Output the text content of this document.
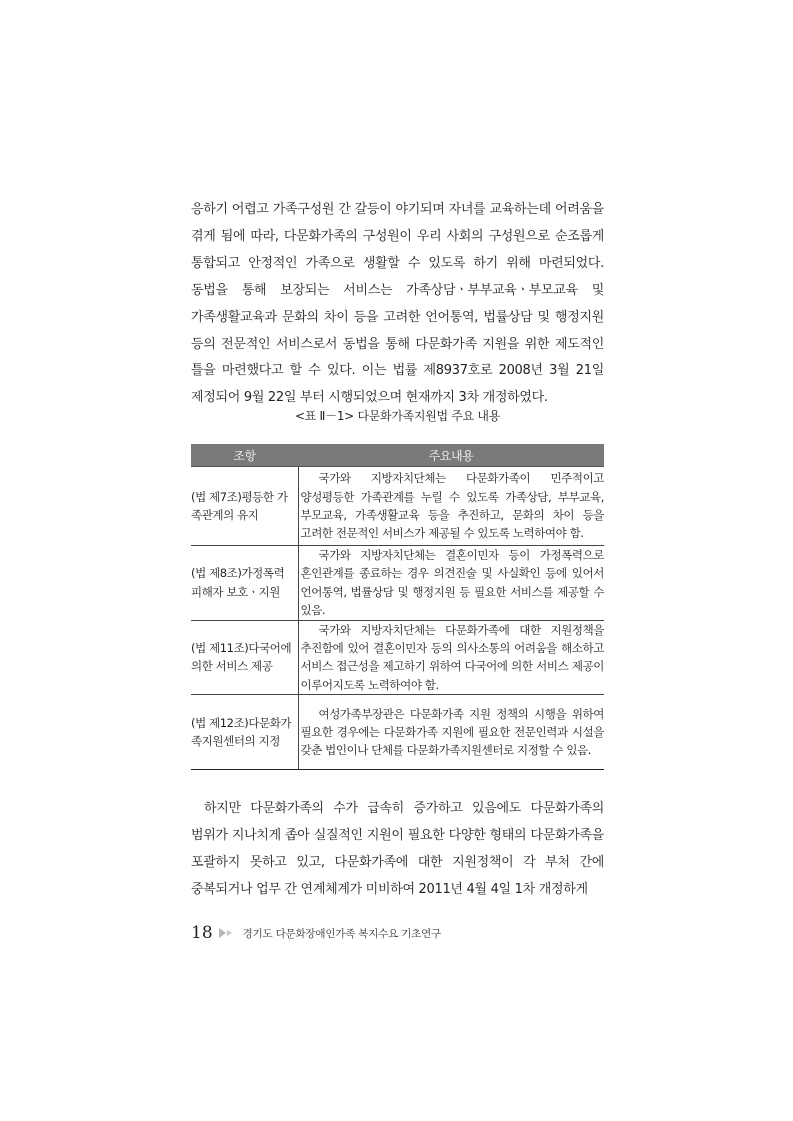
응하기 어렵고 가족구성원 간 갈등이 야기되며 자녀를 교육하는데 어려움을 겪게 됨에 따라, 다문화가족의 구성원이 우리 사회의 구성원으로 순조롭게 통합되고 안정적인 가족으로 생활할 수 있도록 하기 위해 마련되었다. 동법을 통해 보장되는 서비스는 가족상담ㆍ부부교육ㆍ부모교육 및 가족생활교육과 문화의 차이 등을 고려한 언어통역, 법률상담 및 행정지원 등의 전문적인 서비스로서 동법을 통해 다문화가족 지원을 위한 제도적인 틀을 마련했다고 할 수 있다. 이는 법률 제8937호로 2008년 3월 21일 제정되어 9월 22일 부터 시행되었으며 현재까지 3차 개정하였다.

<표 Ⅱ－1> 다문화가족지원법 주요 내용
조항	주요내용
(법 제7조)평등한 가족관계의 유지	국가와 지방자치단체는 다문화가족이 민주적이고 양성평등한 가족관계를 누릴 수 있도록 가족상담, 부부교육, 부모교육, 가족생활교육 등을 추진하고, 문화의 차이 등을 고려한 전문적인 서비스가 제공될 수 있도록 노력하여야 함.
(법 제8조)가정폭력 피해자 보호ㆍ지원	국가와 지방자치단체는 결혼이민자 등이 가정폭력으로 혼인관계를 종료하는 경우 의견진술 및 사실확인 등에 있어서 언어통역, 법률상담 및 행정지원 등 필요한 서비스를 제공할 수 있음.
(법 제11조)다국어에 의한 서비스 제공	국가와 지방자치단체는 다문화가족에 대한 지원정책을 추진함에 있어 결혼이민자 등의 의사소통의 어려움을 해소하고 서비스 접근성을 제고하기 위하여 다국어에 의한 서비스 제공이 이루어지도록 노력하여야 함.
(법 제12조)다문화가족지원센터의 지정	여성가족부장관은 다문화가족 지원 정책의 시행을 위하여 필요한 경우에는 다문화가족 지원에 필요한 전문인력과 시설을 갖춘 법인이나 단체를 다문화가족지원센터로 지정할 수 있음.

하지만 다문화가족의 수가 급속히 증가하고 있음에도 다문화가족의 범위가 지나치게 좁아 실질적인 지원이 필요한 다양한 형태의 다문화가족을 포괄하지 못하고 있고, 다문화가족에 대한 지원정책이 각 부처 간에 중복되거나 업무 간 연계체계가 미비하여 2011년 4월 4일 1차 개정하게

18	경기도 다문화장애인가족 복지수요 기초연구
